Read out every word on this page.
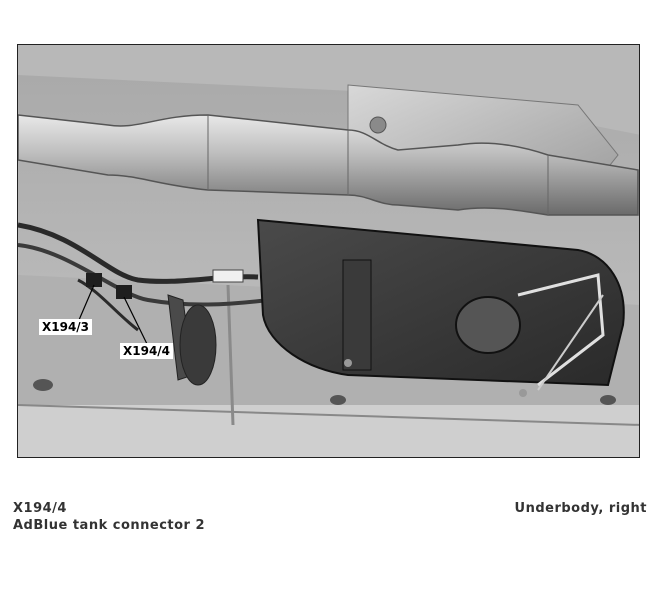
X194/3
X194/4
X194/4
AdBlue tank connector 2
Underbody, right
